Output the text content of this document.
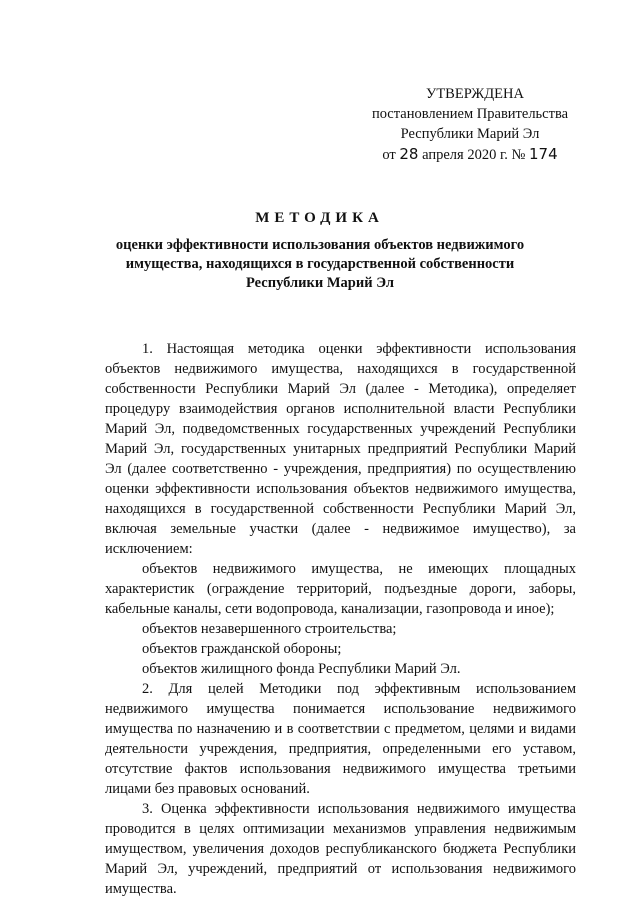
УТВЕРЖДЕНА
постановлением Правительства
Республики Марий Эл
от 28 апреля 2020 г. № 174
МЕТОДИКА
оценки эффективности использования объектов недвижимого имущества, находящихся в государственной собственности Республики Марий Эл

1. Настоящая методика оценки эффективности использования объектов недвижимого имущества, находящихся в государственной собственности Республики Марий Эл (далее - Методика), определяет процедуру взаимодействия органов исполнительной власти Республики Марий Эл, подведомственных государственных учреждений Республики Марий Эл, государственных унитарных предприятий Республики Марий Эл (далее соответственно - учреждения, предприятия) по осуществлению оценки эффективности использования объектов недвижимого имущества, находящихся в государственной собственности Республики Марий Эл, включая земельные участки (далее - недвижимое имущество), за исключением:

объектов недвижимого имущества, не имеющих площадных характеристик (ограждение территорий, подъездные дороги, заборы, кабельные каналы, сети водопровода, канализации, газопровода и иное);

объектов незавершенного строительства;

объектов гражданской обороны;

объектов жилищного фонда Республики Марий Эл.

2. Для целей Методики под эффективным использованием недвижимого имущества понимается использование недвижимого имущества по назначению и в соответствии с предметом, целями и видами деятельности учреждения, предприятия, определенными его уставом, отсутствие фактов использования недвижимого имущества третьими лицами без правовых оснований.

3. Оценка эффективности использования недвижимого имущества проводится в целях оптимизации механизмов управления недвижимым имуществом, увеличения доходов республиканского бюджета Республики Марий Эл, учреждений, предприятий от использования недвижимого имущества.
